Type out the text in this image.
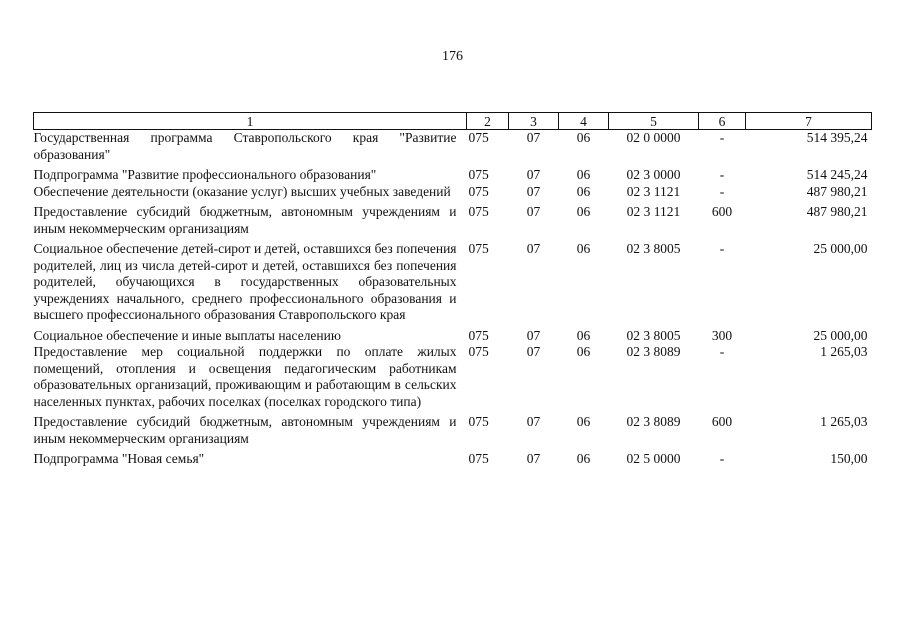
176
1	2	3	4	5	6	7
Государственная программа Ставропольского края "Развитие образования"	075	07	06	02 0 0000	-	514 395,24
Подпрограмма "Развитие профессионального образования"	075	07	06	02 3 0000	-	514 245,24
Обеспечение деятельности (оказание услуг) высших учебных заведений	075	07	06	02 3 1121	-	487 980,21
Предоставление субсидий бюджетным, автономным учреждениям и иным некоммерческим организациям	075	07	06	02 3 1121	600	487 980,21
Социальное обеспечение детей-сирот и детей, оставшихся без попечения родителей, лиц из числа детей-сирот и детей, оставшихся без попечения родителей, обучающихся в государственных образовательных учреждениях начального, среднего профессионального образования и высшего профессионального образования Ставропольского края	075	07	06	02 3 8005	-	25 000,00
Социальное обеспечение и иные выплаты населению	075	07	06	02 3 8005	300	25 000,00
Предоставление мер социальной поддержки по оплате жилых помещений, отопления и освещения педагогическим работникам образовательных организаций, проживающим и работающим в сельских населенных пунктах, рабочих поселках (поселках городского типа)	075	07	06	02 3 8089	-	1 265,03
Предоставление субсидий бюджетным, автономным учреждениям и иным некоммерческим организациям	075	07	06	02 3 8089	600	1 265,03
Подпрограмма "Новая семья"	075	07	06	02 5 0000	-	150,00
